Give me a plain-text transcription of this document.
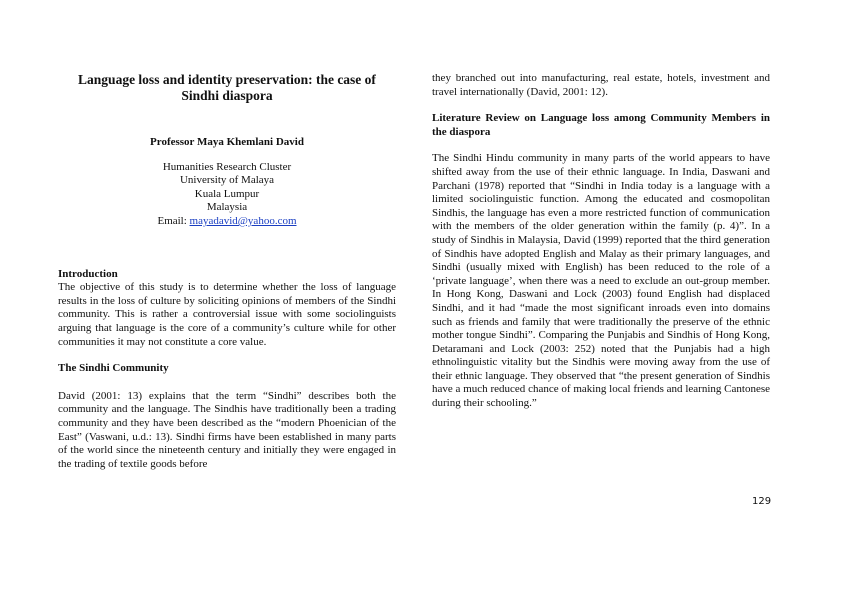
Language loss and identity preservation: the case of
Sindhi diaspora
Professor Maya Khemlani David
Humanities Research Cluster
University of Malaya
Kuala Lumpur
Malaysia
Email: mayadavid@yahoo.com
Introduction

The objective of this study is to determine whether the loss of language results in the loss of culture by soliciting opinions of members of the Sindhi community. This is rather a controversial issue with some sociolinguists arguing that language is the core of a community’s culture while for other communities it may not constitute a core value.

The Sindhi Community

David (2001: 13) explains that the term “Sindhi” describes both the community and the language. The Sindhis have traditionally been a trading community and they have been described as the “modern Phoenician of the East” (Vaswani, u.d.: 13). Sindhi firms have been established in many parts of the world since the nineteenth century and initially they were engaged in the trading of textile goods before

they branched out into manufacturing, real estate, hotels, investment and travel internationally (David, 2001: 12).

Literature Review on Language loss among Community Members in the diaspora

The Sindhi Hindu community in many parts of the world appears to have shifted away from the use of their ethnic language. In India, Daswani and Parchani (1978) reported that “Sindhi in India today is a language with a limited sociolinguistic function. Among the educated and cosmopolitan Sindhis, the language has even a more restricted function of communication with the members of the older generation within the family (p. 4)”. In a study of Sindhis in Malaysia, David (1999) reported that the third generation of Sindhis have adopted English and Malay as their primary languages, and Sindhi (usually mixed with English) has been reduced to the role of a ‘private language’, when there was a need to exclude an out-group member. In Hong Kong, Daswani and Lock (2003) found English had displaced Sindhi, and it had “made the most significant inroads even into domains such as friends and family that were traditionally the preserve of the ethnic mother tongue Sindhi”. Comparing the Punjabis and Sindhis of Hong Kong, Detaramani and Lock (2003: 252) noted that the Punjabis had a high ethnolinguistic vitality but the Sindhis were moving away from the use of their ethnic language. They observed that “the present generation of Sindhis have a much reduced chance of making local friends and learning Cantonese during their schooling.”

129
